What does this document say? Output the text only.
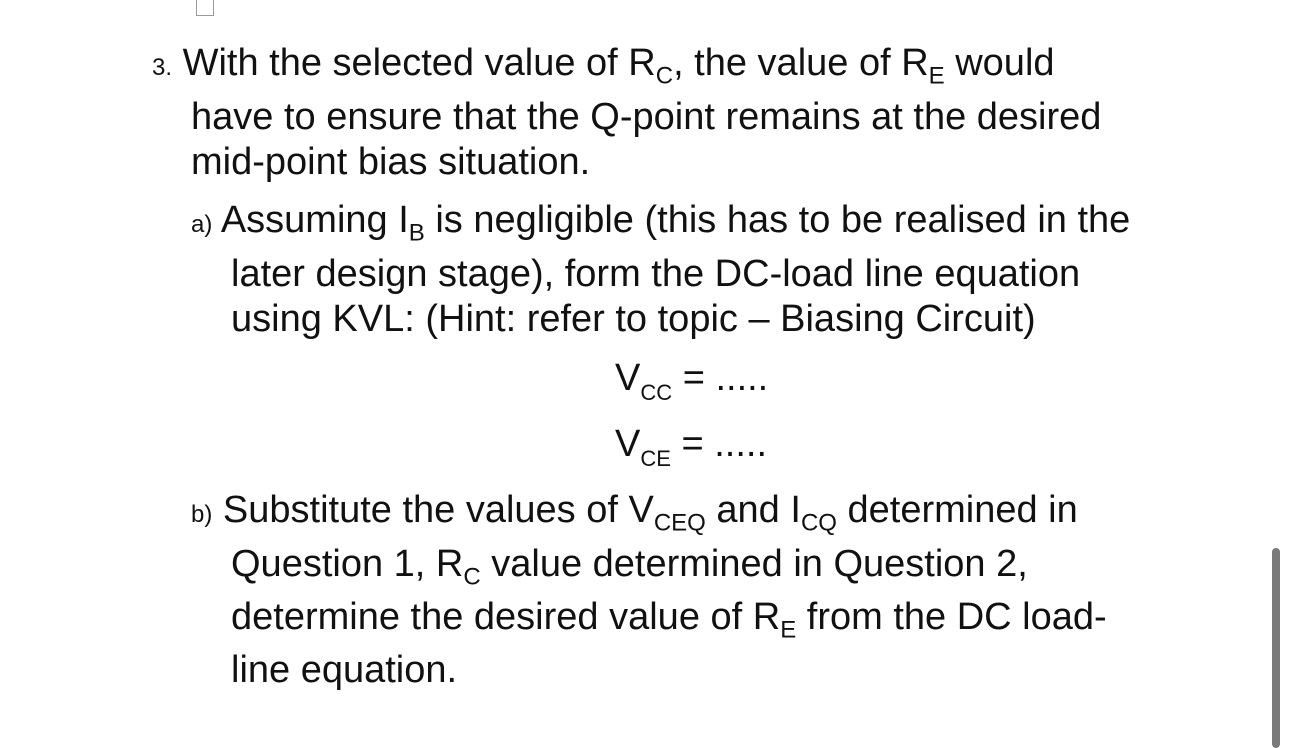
3. With the selected value of $R_C$, the value of $R_E$ would
have to ensure that the Q-point remains at the desired
mid-point bias situation.
a) Assuming $I_B$ is negligible (this has to be realised in the
later design stage), form the DC-load line equation
using KVL: (Hint: refer to topic – Biasing Circuit)
$V_{CC}$ = .....
$V_{CE}$ = .....
b) Substitute the values of $V_{CEQ}$ and $I_{CQ}$ determined in
Question 1, $R_C$ value determined in Question 2,
determine the desired value of $R_E$ from the DC load-
line equation.
